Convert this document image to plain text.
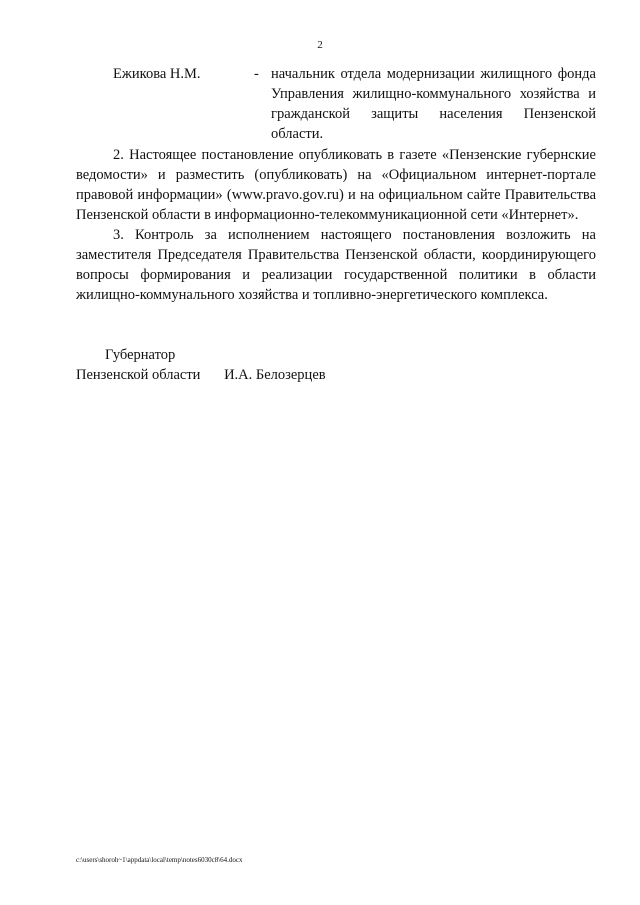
2
Ежикова Н.М.	- начальник отдела модернизации жилищного фонда Управления жилищно-коммунального хозяйства и гражданской защиты населения Пензенской области.

2. Настоящее постановление опубликовать в газете «Пензенские губернские ведомости» и разместить (опубликовать) на «Официальном интернет-портале правовой информации» (www.pravo.gov.ru) и на официальном сайте Правительства Пензенской области в информационно-телекоммуникационной сети «Интернет».

3. Контроль за исполнением настоящего постановления возложить на заместителя Председателя Правительства Пензенской области, координирующего вопросы формирования и реализации государственной политики в области жилищно-коммунального хозяйства и топливно-энергетического комплекса.

Губернатор
Пензенской области И.А. Белозерцев
c:\users\shoroh~1\appdata\local\temp\notes6030c8\64.docx
